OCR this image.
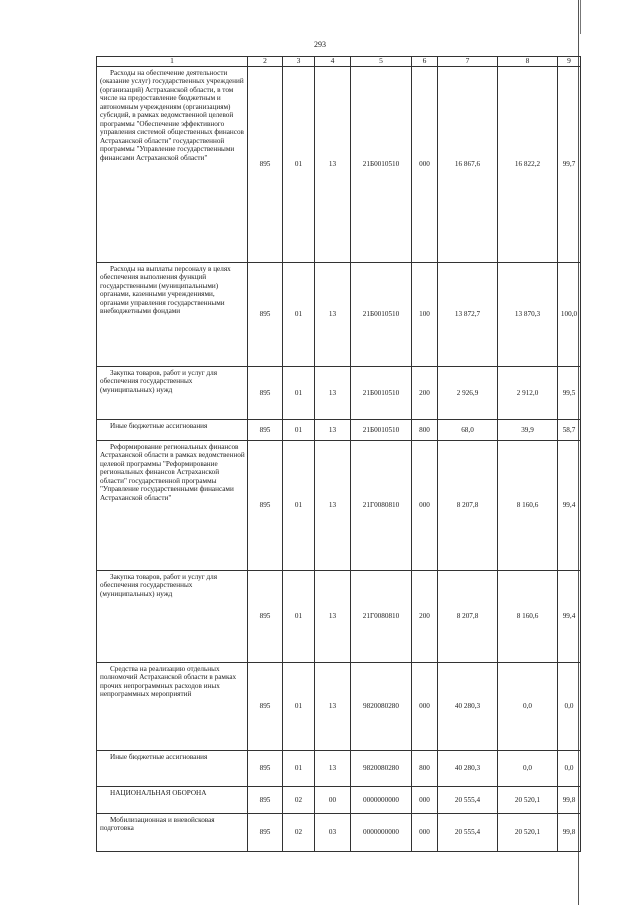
293
1	2	3	4	5	6	7	8	9
Расходы на обеспечение деятельности (оказание услуг) государственных учреждений (организаций) Астраханской области, в том числе на предоставление бюджетным и автономным учреждениям (организациям) субсидий, в рамках ведомственной целевой программы "Обеспечение эффективного управления системой общественных финансов Астраханской области" государственной программы "Управление государственными финансами Астраханской области"	895	01	13	21Б0010510	000	16 867,6	16 822,2	99,7
Расходы на выплаты персоналу в целях обеспечения выполнения функций государственными (муниципальными) органами, казенными учреждениями, органами управления государственными внебюджетными фондами	895	01	13	21Б0010510	100	13 872,7	13 870,3	100,0
Закупка товаров, работ и услуг для обеспечения государственных (муниципальных) нужд	895	01	13	21Б0010510	200	2 926,9	2 912,0	99,5
Иные бюджетные ассигнования	895	01	13	21Б0010510	800	68,0	39,9	58,7
Реформирование региональных финансов Астраханской области в рамках ведомственной целевой программы "Реформирование региональных финансов Астраханской области" государственной программы "Управление государственными финансами Астраханской области"	895	01	13	21Г0080810	000	8 207,8	8 160,6	99,4
Закупка товаров, работ и услуг для обеспечения государственных (муниципальных) нужд	895	01	13	21Г0080810	200	8 207,8	8 160,6	99,4
Средства на реализацию отдельных полномочий Астраханской области в рамках прочих непрограммных расходов иных непрограммных мероприятий	895	01	13	9820080280	000	40 280,3	0,0	0,0
Иные бюджетные ассигнования	895	01	13	9820080280	800	40 280,3	0,0	0,0
НАЦИОНАЛЬНАЯ ОБОРОНА	895	02	00	0000000000	000	20 555,4	20 520,1	99,8
Мобилизационная и вневойсковая подготовка	895	02	03	0000000000	000	20 555,4	20 520,1	99,8
